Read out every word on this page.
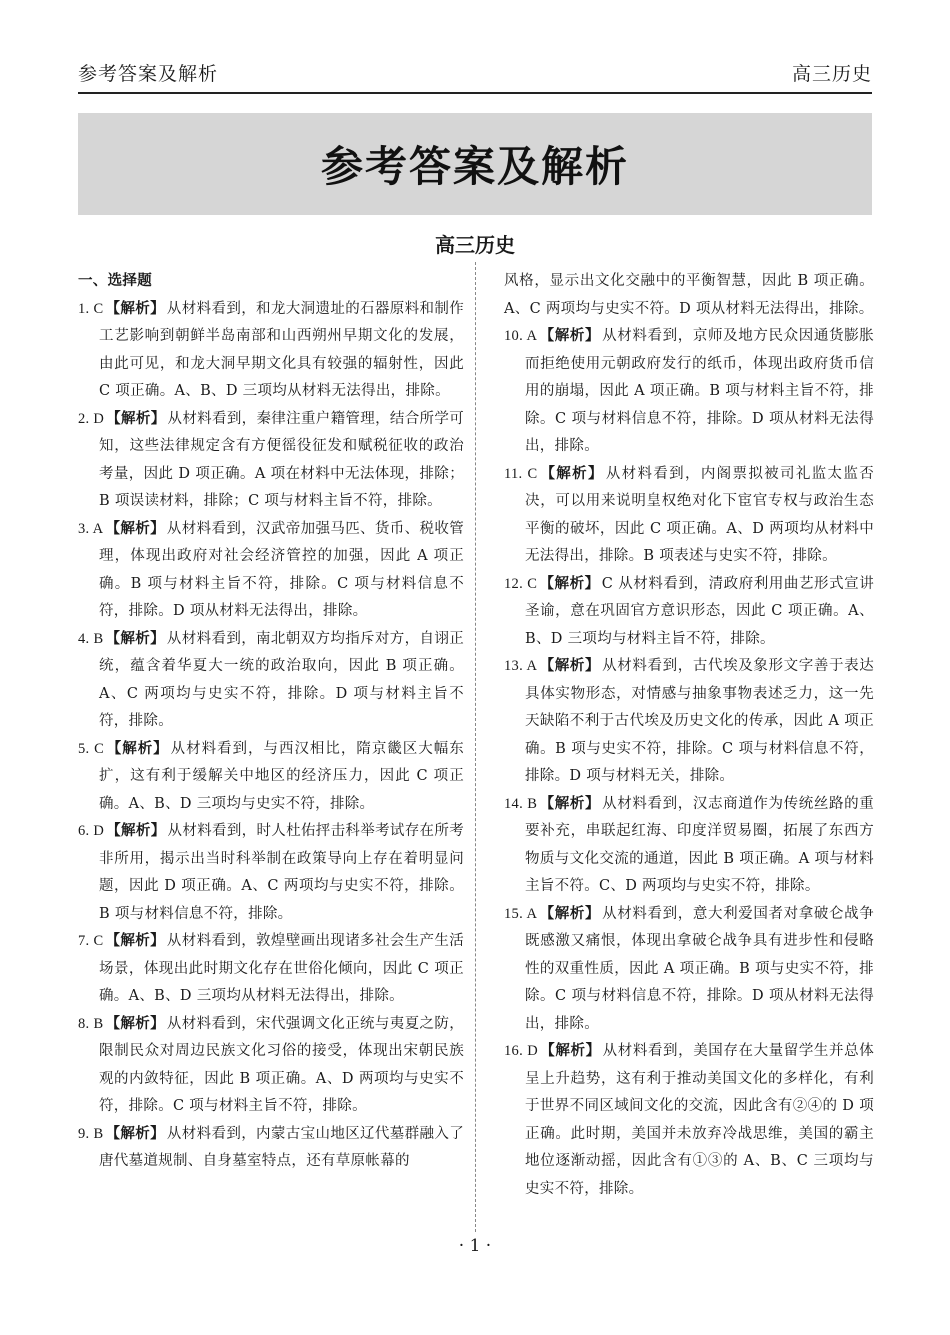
参考答案及解析	高三历史
参考答案及解析
高三历史
一、选择题
1. C 【解析】 从材料看到，和龙大洞遗址的石器原料和制作工艺影响到朝鲜半岛南部和山西朔州早期文化的发展，由此可见，和龙大洞早期文化具有较强的辐射性，因此 C 项正确。A、B、D 三项均从材料无法得出，排除。
2. D 【解析】 从材料看到，秦律注重户籍管理，结合所学可知，这些法律规定含有方便徭役征发和赋税征收的政治考量，因此 D 项正确。A 项在材料中无法体现，排除；B 项误读材料，排除；C 项与材料主旨不符，排除。
3. A 【解析】 从材料看到，汉武帝加强马匹、货币、税收管理，体现出政府对社会经济管控的加强，因此 A 项正确。B 项与材料主旨不符，排除。C 项与材料信息不符，排除。D 项从材料无法得出，排除。
4. B 【解析】 从材料看到，南北朝双方均指斥对方，自诩正统，蕴含着华夏大一统的政治取向，因此 B 项正确。A、C 两项均与史实不符，排除。D 项与材料主旨不符，排除。
5. C 【解析】 从材料看到，与西汉相比，隋京畿区大幅东扩，这有利于缓解关中地区的经济压力，因此 C 项正确。A、B、D 三项均与史实不符，排除。
6. D 【解析】 从材料看到，时人杜佑抨击科举考试存在所考非所用，揭示出当时科举制在政策导向上存在着明显问题，因此 D 项正确。A、C 两项均与史实不符，排除。B 项与材料信息不符，排除。
7. C 【解析】 从材料看到，敦煌壁画出现诸多社会生产生活场景，体现出此时期文化存在世俗化倾向，因此 C 项正确。A、B、D 三项均从材料无法得出，排除。
8. B 【解析】 从材料看到，宋代强调文化正统与夷夏之防，限制民众对周边民族文化习俗的接受，体现出宋朝民族观的内敛特征，因此 B 项正确。A、D 两项均与史实不符，排除。C 项与材料主旨不符，排除。
9. B 【解析】 从材料看到，内蒙古宝山地区辽代墓群融入了唐代墓道规制、自身墓室特点，还有草原帐幕的
风格，显示出文化交融中的平衡智慧，因此 B 项正确。A、C 两项均与史实不符。D 项从材料无法得出，排除。
10. A 【解析】 从材料看到，京师及地方民众因通货膨胀而拒绝使用元朝政府发行的纸币，体现出政府货币信用的崩塌，因此 A 项正确。B 项与材料主旨不符，排除。C 项与材料信息不符，排除。D 项从材料无法得出，排除。
11. C 【解析】 从材料看到，内阁票拟被司礼监太监否决，可以用来说明皇权绝对化下宦官专权与政治生态平衡的破坏，因此 C 项正确。A、D 两项均从材料中无法得出，排除。B 项表述与史实不符，排除。
12. C 【解析】 C 从材料看到，清政府利用曲艺形式宣讲圣谕，意在巩固官方意识形态，因此 C 项正确。A、B、D 三项均与材料主旨不符，排除。
13. A 【解析】 从材料看到，古代埃及象形文字善于表达具体实物形态，对情感与抽象事物表述乏力，这一先天缺陷不利于古代埃及历史文化的传承，因此 A 项正确。B 项与史实不符，排除。C 项与材料信息不符，排除。D 项与材料无关，排除。
14. B 【解析】 从材料看到，汉志商道作为传统丝路的重要补充，串联起红海、印度洋贸易圈，拓展了东西方物质与文化交流的通道，因此 B 项正确。A 项与材料主旨不符。C、D 两项均与史实不符，排除。
15. A 【解析】 从材料看到，意大利爱国者对拿破仑战争既感激又痛恨，体现出拿破仑战争具有进步性和侵略性的双重性质，因此 A 项正确。B 项与史实不符，排除。C 项与材料信息不符，排除。D 项从材料无法得出，排除。
16. D 【解析】 从材料看到，美国存在大量留学生并总体呈上升趋势，这有利于推动美国文化的多样化，有利于世界不同区域间文化的交流，因此含有②④的 D 项正确。此时期，美国并未放弃冷战思维，美国的霸主地位逐渐动摇，因此含有①③的 A、B、C 三项均与史实不符，排除。
· 1 ·
